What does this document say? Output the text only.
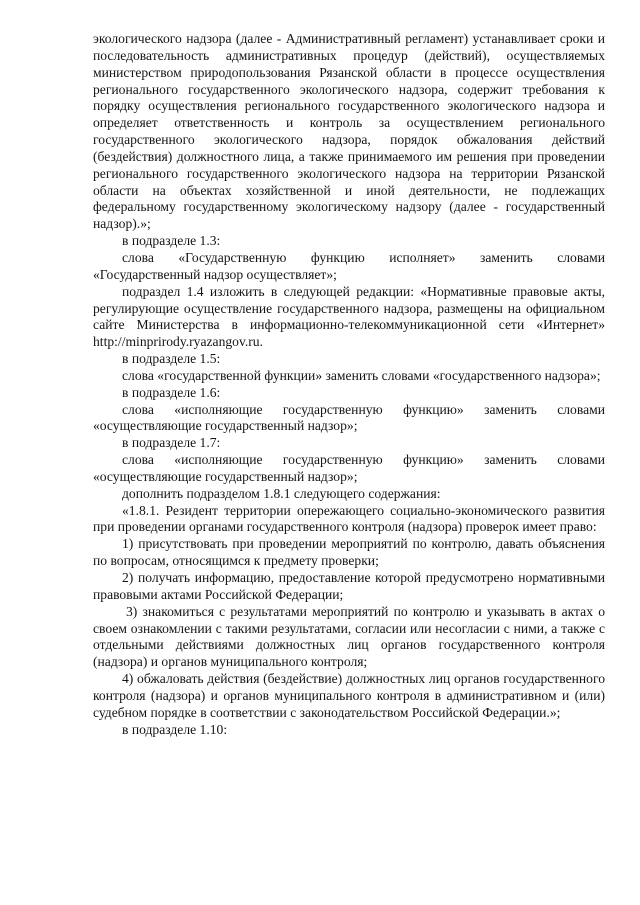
экологического надзора (далее - Административный регламент) устанавливает сроки и последовательность административных процедур (действий), осуществляемых министерством природопользования Рязанской области в процессе осуществления регионального государственного экологического надзора, содержит требования к порядку осуществления регионального государственного экологического надзора и определяет ответственность и контроль за осуществлением регионального государственного экологического надзора, порядок обжалования действий (бездействия) должностного лица, а также принимаемого им решения при проведении регионального государственного экологического надзора на территории Рязанской области на объектах хозяйственной и иной деятельности, не подлежащих федеральному государственному экологическому надзору (далее - государственный надзор).»;

в подразделе 1.3:

слова «Государственную функцию исполняет» заменить словами «Государственный надзор осуществляет»;

подраздел 1.4 изложить в следующей редакции: «Нормативные правовые акты, регулирующие осуществление государственного надзора, размещены на официальном сайте Министерства в информационно-телекоммуникационной сети «Интернет» http://minprirody.ryazangov.ru.

в подразделе 1.5:

слова «государственной функции» заменить словами «государственного надзора»;

в подразделе 1.6:

слова «исполняющие государственную функцию» заменить словами «осуществляющие государственный надзор»;

в подразделе 1.7:

слова «исполняющие государственную функцию» заменить словами «осуществляющие государственный надзор»;

дополнить подразделом 1.8.1 следующего содержания:

«1.8.1. Резидент территории опережающего социально-экономического развития при проведении органами государственного контроля (надзора) проверок имеет право:

1) присутствовать при проведении мероприятий по контролю, давать объяснения по вопросам, относящимся к предмету проверки;

2) получать информацию, предоставление которой предусмотрено нормативными правовыми актами Российской Федерации;

3) знакомиться с результатами мероприятий по контролю и указывать в актах о своем ознакомлении с такими результатами, согласии или несогласии с ними, а также с отдельными действиями должностных лиц органов государственного контроля (надзора) и органов муниципального контроля;

4) обжаловать действия (бездействие) должностных лиц органов государственного контроля (надзора) и органов муниципального контроля в административном и (или) судебном порядке в соответствии с законодательством Российской Федерации.»;

в подразделе 1.10:
